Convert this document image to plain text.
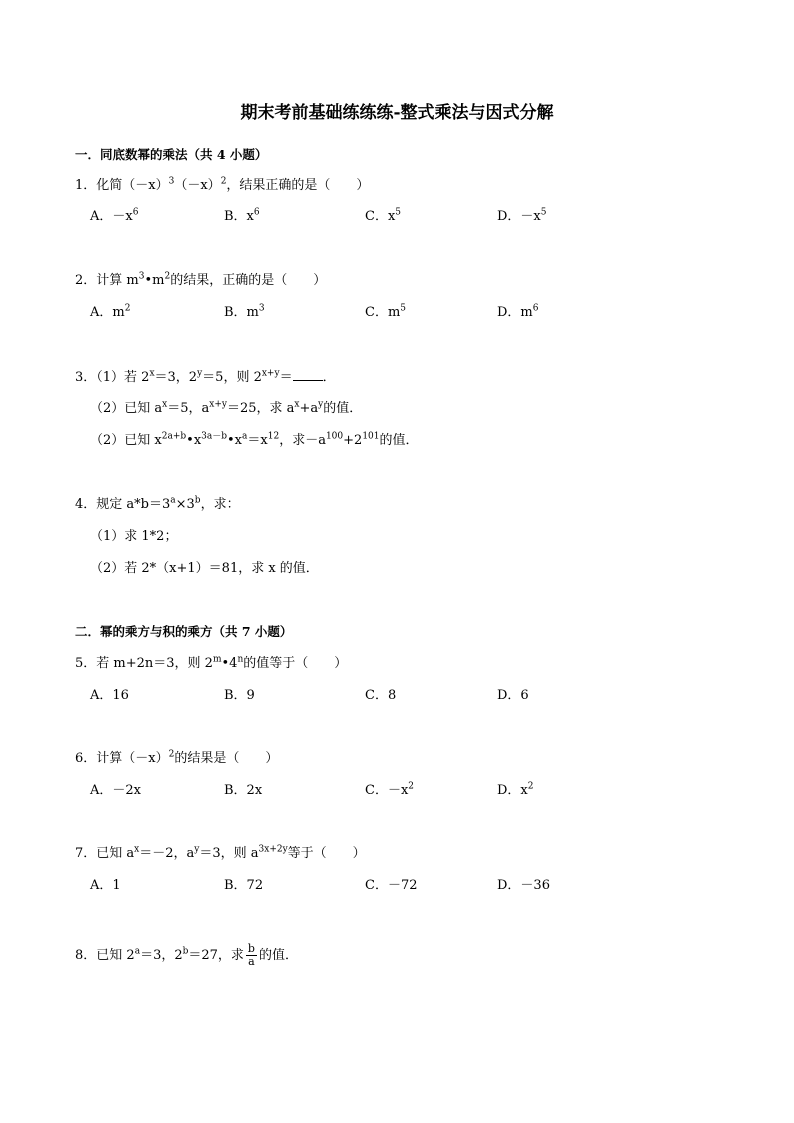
期末考前基础练练练-整式乘法与因式分解
一．同底数幂的乘法（共 4 小题）
1．化简$(-x)^3(-x)^2$，结果正确的是（　　）
A．$-x^6$	B．$x^6$	C．$x^5$	D．$-x^5$
2．计算 $m^3•m^2$的结果，正确的是（　　）
A．$m^2$	B．$m^3$	C．$m^5$	D．$m^6$
3．（1）若 $2^x=3$，$2^y=5$，则 $2^{x+y}=$ ．
（2）已知 $a^x=5$，$a^{x+y}=25$，求 $a^x+a^y$的值．
（2）已知 $x^{2a+b}•x^{3a-b}•x^a=x^{12}$，求$-a^{100}+2^{101}$的值．
4．规定 $a*b=3^a\times 3^b$，求：
（1）求 1*2；
（2）若 2*（x+1）＝81，求 x 的值．
二．幂的乘方与积的乘方（共 7 小题）
5．若 m+2n＝3，则 2$^m$•4$^n$的值等于（　　）
A．16	B．9	C．8	D．6
6．计算$(-x)^2$的结果是（　　）
A．－2x	B．2x	C．$-x^2$	D．$x^2$
7．已知 $a^x=-2$，$a^y=3$，则 $a^{3x+2y}$等于（　　）
A．1	B．72	C．－72	D．－36
8．已知 $2^a=3$，$2^b=27$，求 $\frac{b}{a}$ 的值．
